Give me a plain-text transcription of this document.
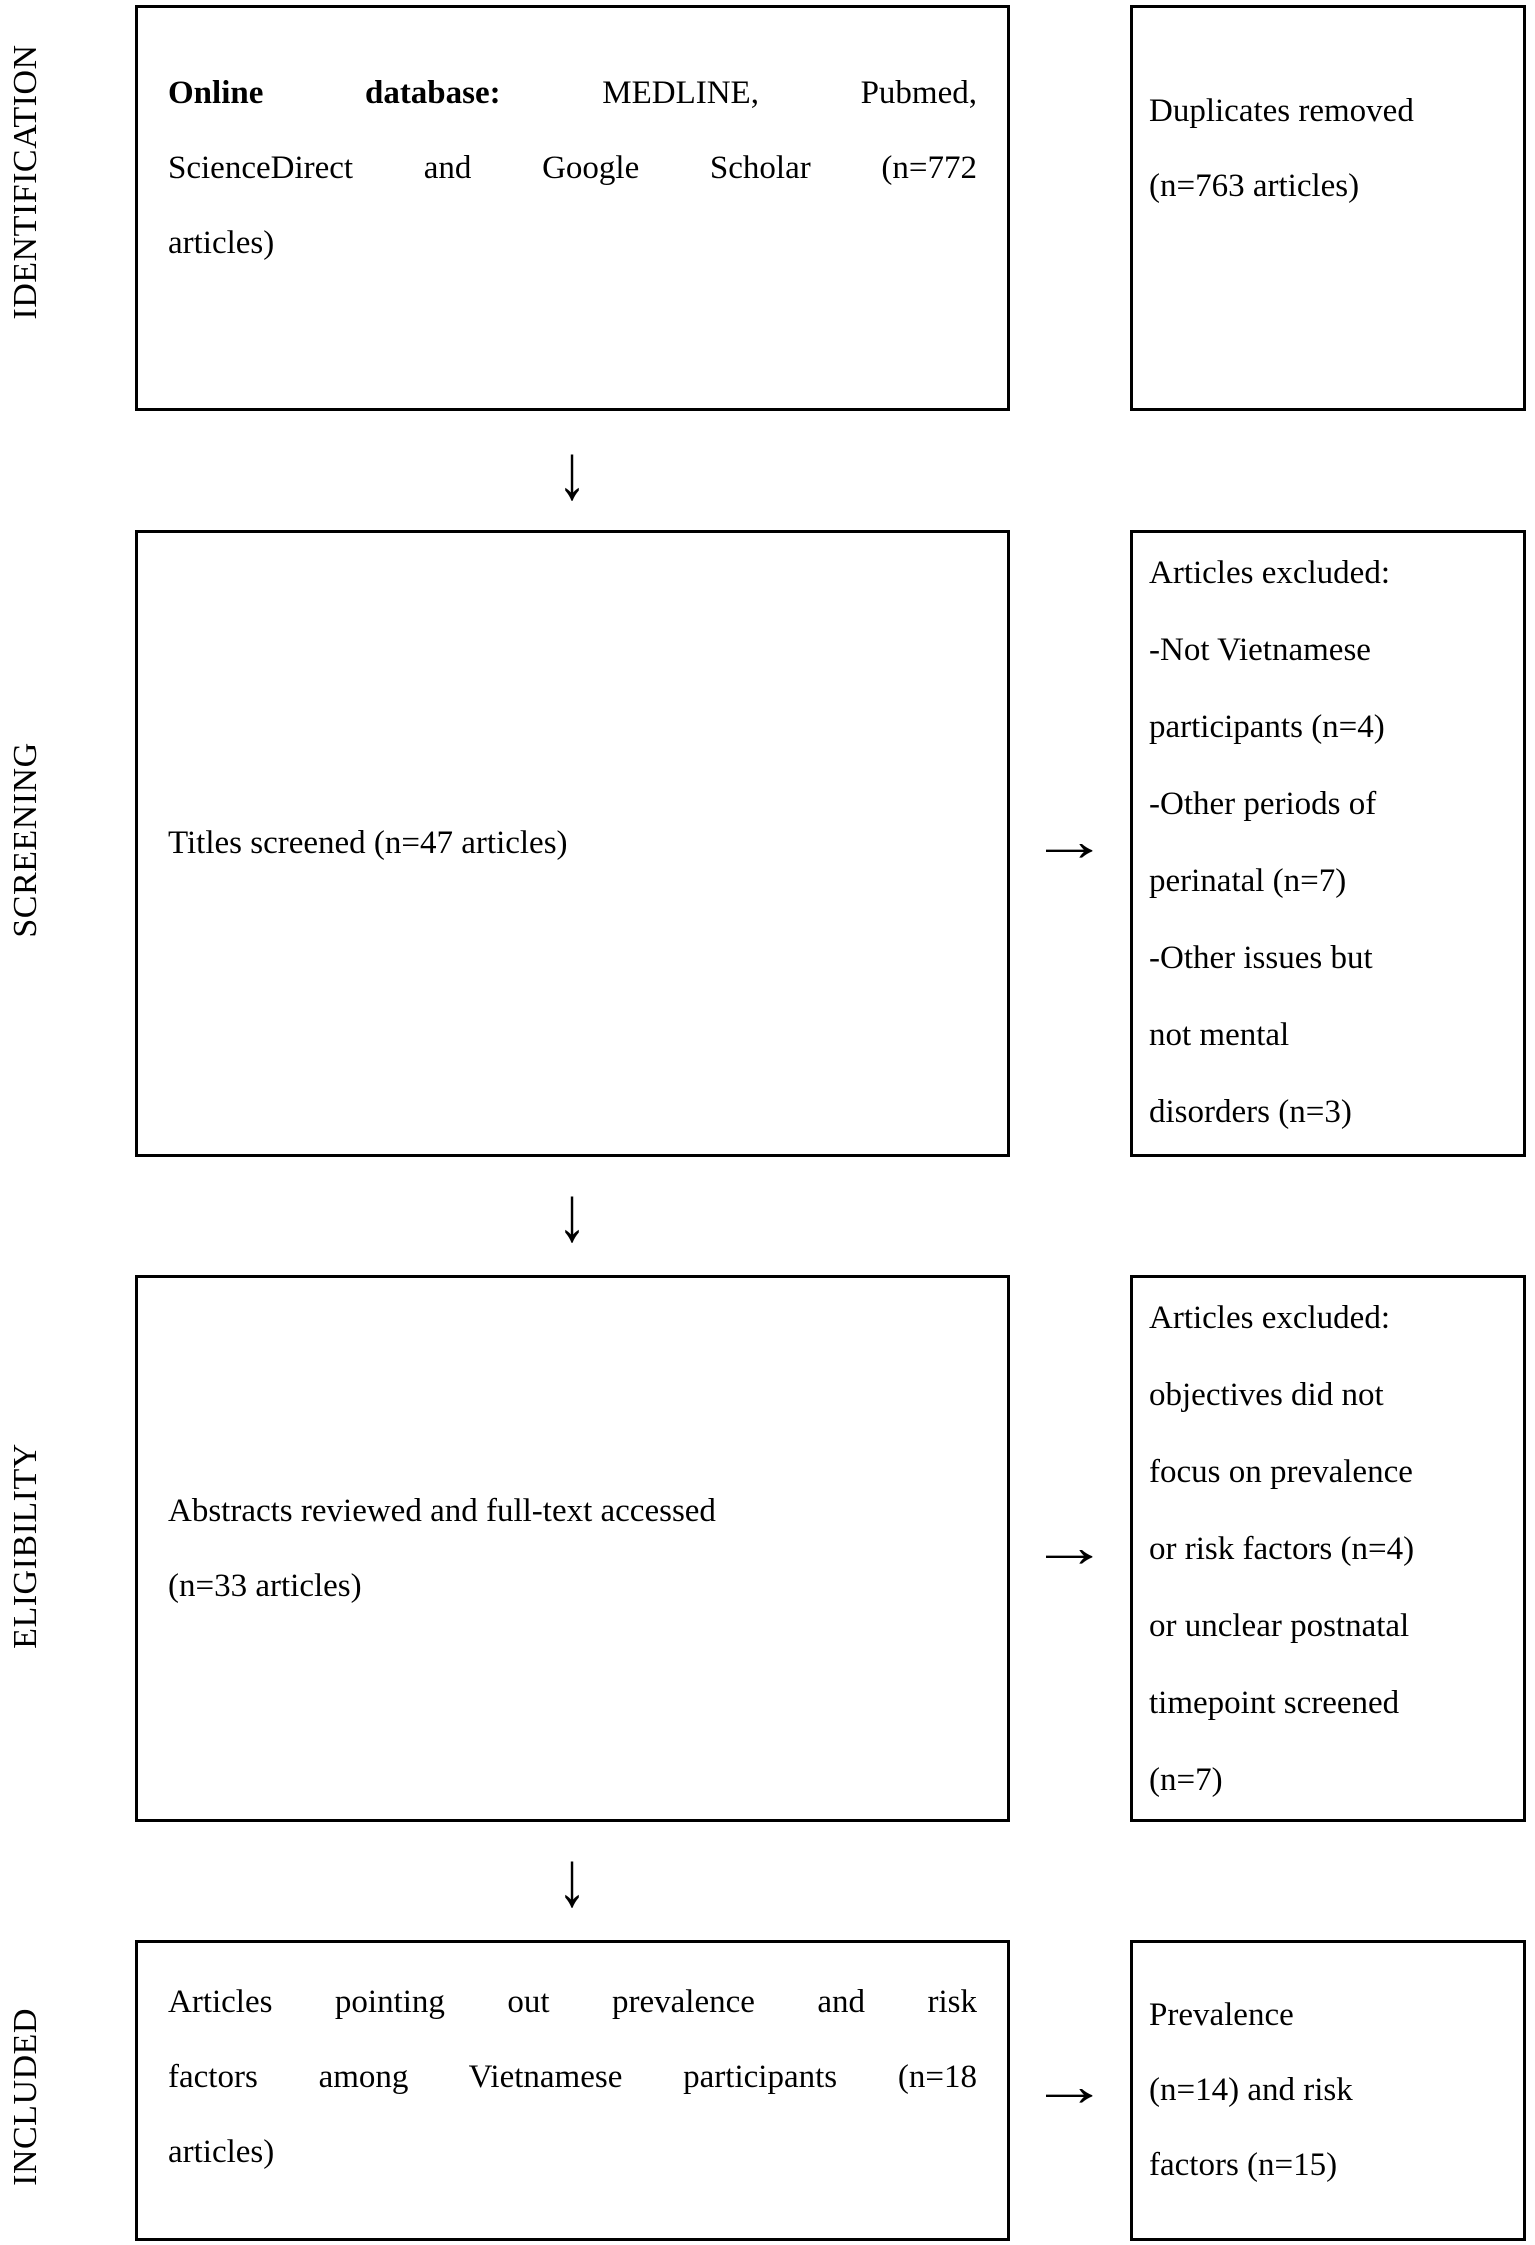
IDENTIFICATION
SCREENING
ELIGIBILITY
INCLUDED
Online database:	MEDLINE, Pubmed,
ScienceDirect and Google Scholar (n=772
articles)
Duplicates removed
(n=763 articles)
↓
Titles screened (n=47 articles)
Articles excluded:
-Not Vietnamese
participants (n=4)
-Other periods of
perinatal (n=7)
-Other issues but
not mental
disorders (n=3)
→
↓
Abstracts reviewed and full-text accessed
(n=33 articles)
Articles excluded:
objectives did not
focus on prevalence
or risk factors (n=4)
or unclear postnatal
timepoint screened
(n=7)
→
↓
Articles pointing out prevalence and risk
factors among Vietnamese participants (n=18
articles)
Prevalence
(n=14) and risk
factors (n=15)
→
